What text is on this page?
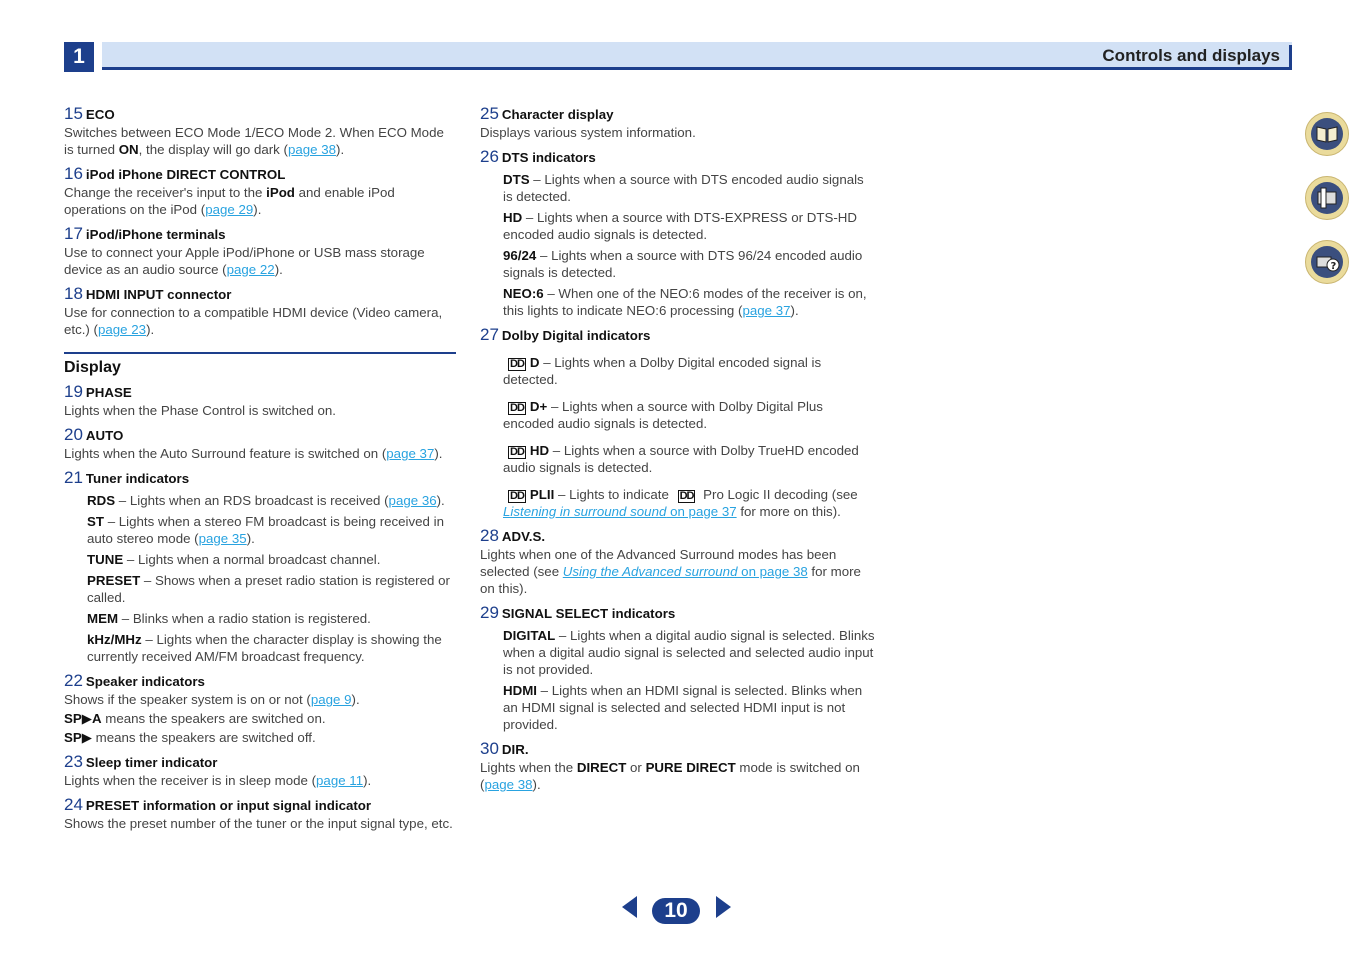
1	Controls and displays
15 ECO
Switches between ECO Mode 1/ECO Mode 2. When ECO Mode is turned ON, the display will go dark (page 38).
16 iPod iPhone DIRECT CONTROL
Change the receiver's input to the iPod and enable iPod operations on the iPod (page 29).
17 iPod/iPhone terminals
Use to connect your Apple iPod/iPhone or USB mass storage device as an audio source (page 22).
18 HDMI INPUT connector
Use for connection to a compatible HDMI device (Video camera, etc.) (page 23).
Display
19 PHASE
Lights when the Phase Control is switched on.
20 AUTO
Lights when the Auto Surround feature is switched on (page 37).
21 Tuner indicators
RDS – Lights when an RDS broadcast is received (page 36).
ST – Lights when a stereo FM broadcast is being received in auto stereo mode (page 35).
TUNE – Lights when a normal broadcast channel.
PRESET – Shows when a preset radio station is registered or called.
MEM – Blinks when a radio station is registered.
kHz/MHz – Lights when the character display is showing the currently received AM/FM broadcast frequency.
22 Speaker indicators
Shows if the speaker system is on or not (page 9).
SP▶A means the speakers are switched on.
SP▶ means the speakers are switched off.
23 Sleep timer indicator
Lights when the receiver is in sleep mode (page 11).
24 PRESET information or input signal indicator
Shows the preset number of the tuner or the input signal type, etc.
25 Character display
Displays various system information.
26 DTS indicators
DTS – Lights when a source with DTS encoded audio signals is detected.
HD – Lights when a source with DTS-EXPRESS or DTS-HD encoded audio signals is detected.
96/24 – Lights when a source with DTS 96/24 encoded audio signals is detected.
NEO:6 – When one of the NEO:6 modes of the receiver is on, this lights to indicate NEO:6 processing (page 37).
27 Dolby Digital indicators
DD D – Lights when a Dolby Digital encoded signal is detected.
DD D+ – Lights when a source with Dolby Digital Plus encoded audio signals is detected.
DD HD – Lights when a source with Dolby TrueHD encoded audio signals is detected.
DD PLII – Lights to indicate DD Pro Logic II decoding (see Listening in surround sound on page 37 for more on this).
28 ADV.S.
Lights when one of the Advanced Surround modes has been selected (see Using the Advanced surround on page 38 for more on this).
29 SIGNAL SELECT indicators
DIGITAL – Lights when a digital audio signal is selected. Blinks when a digital audio signal is selected and selected audio input is not provided.
HDMI – Lights when an HDMI signal is selected. Blinks when an HDMI signal is selected and selected HDMI input is not provided.
30 DIR.
Lights when the DIRECT or PURE DIRECT mode is switched on (page 38).
?
10
